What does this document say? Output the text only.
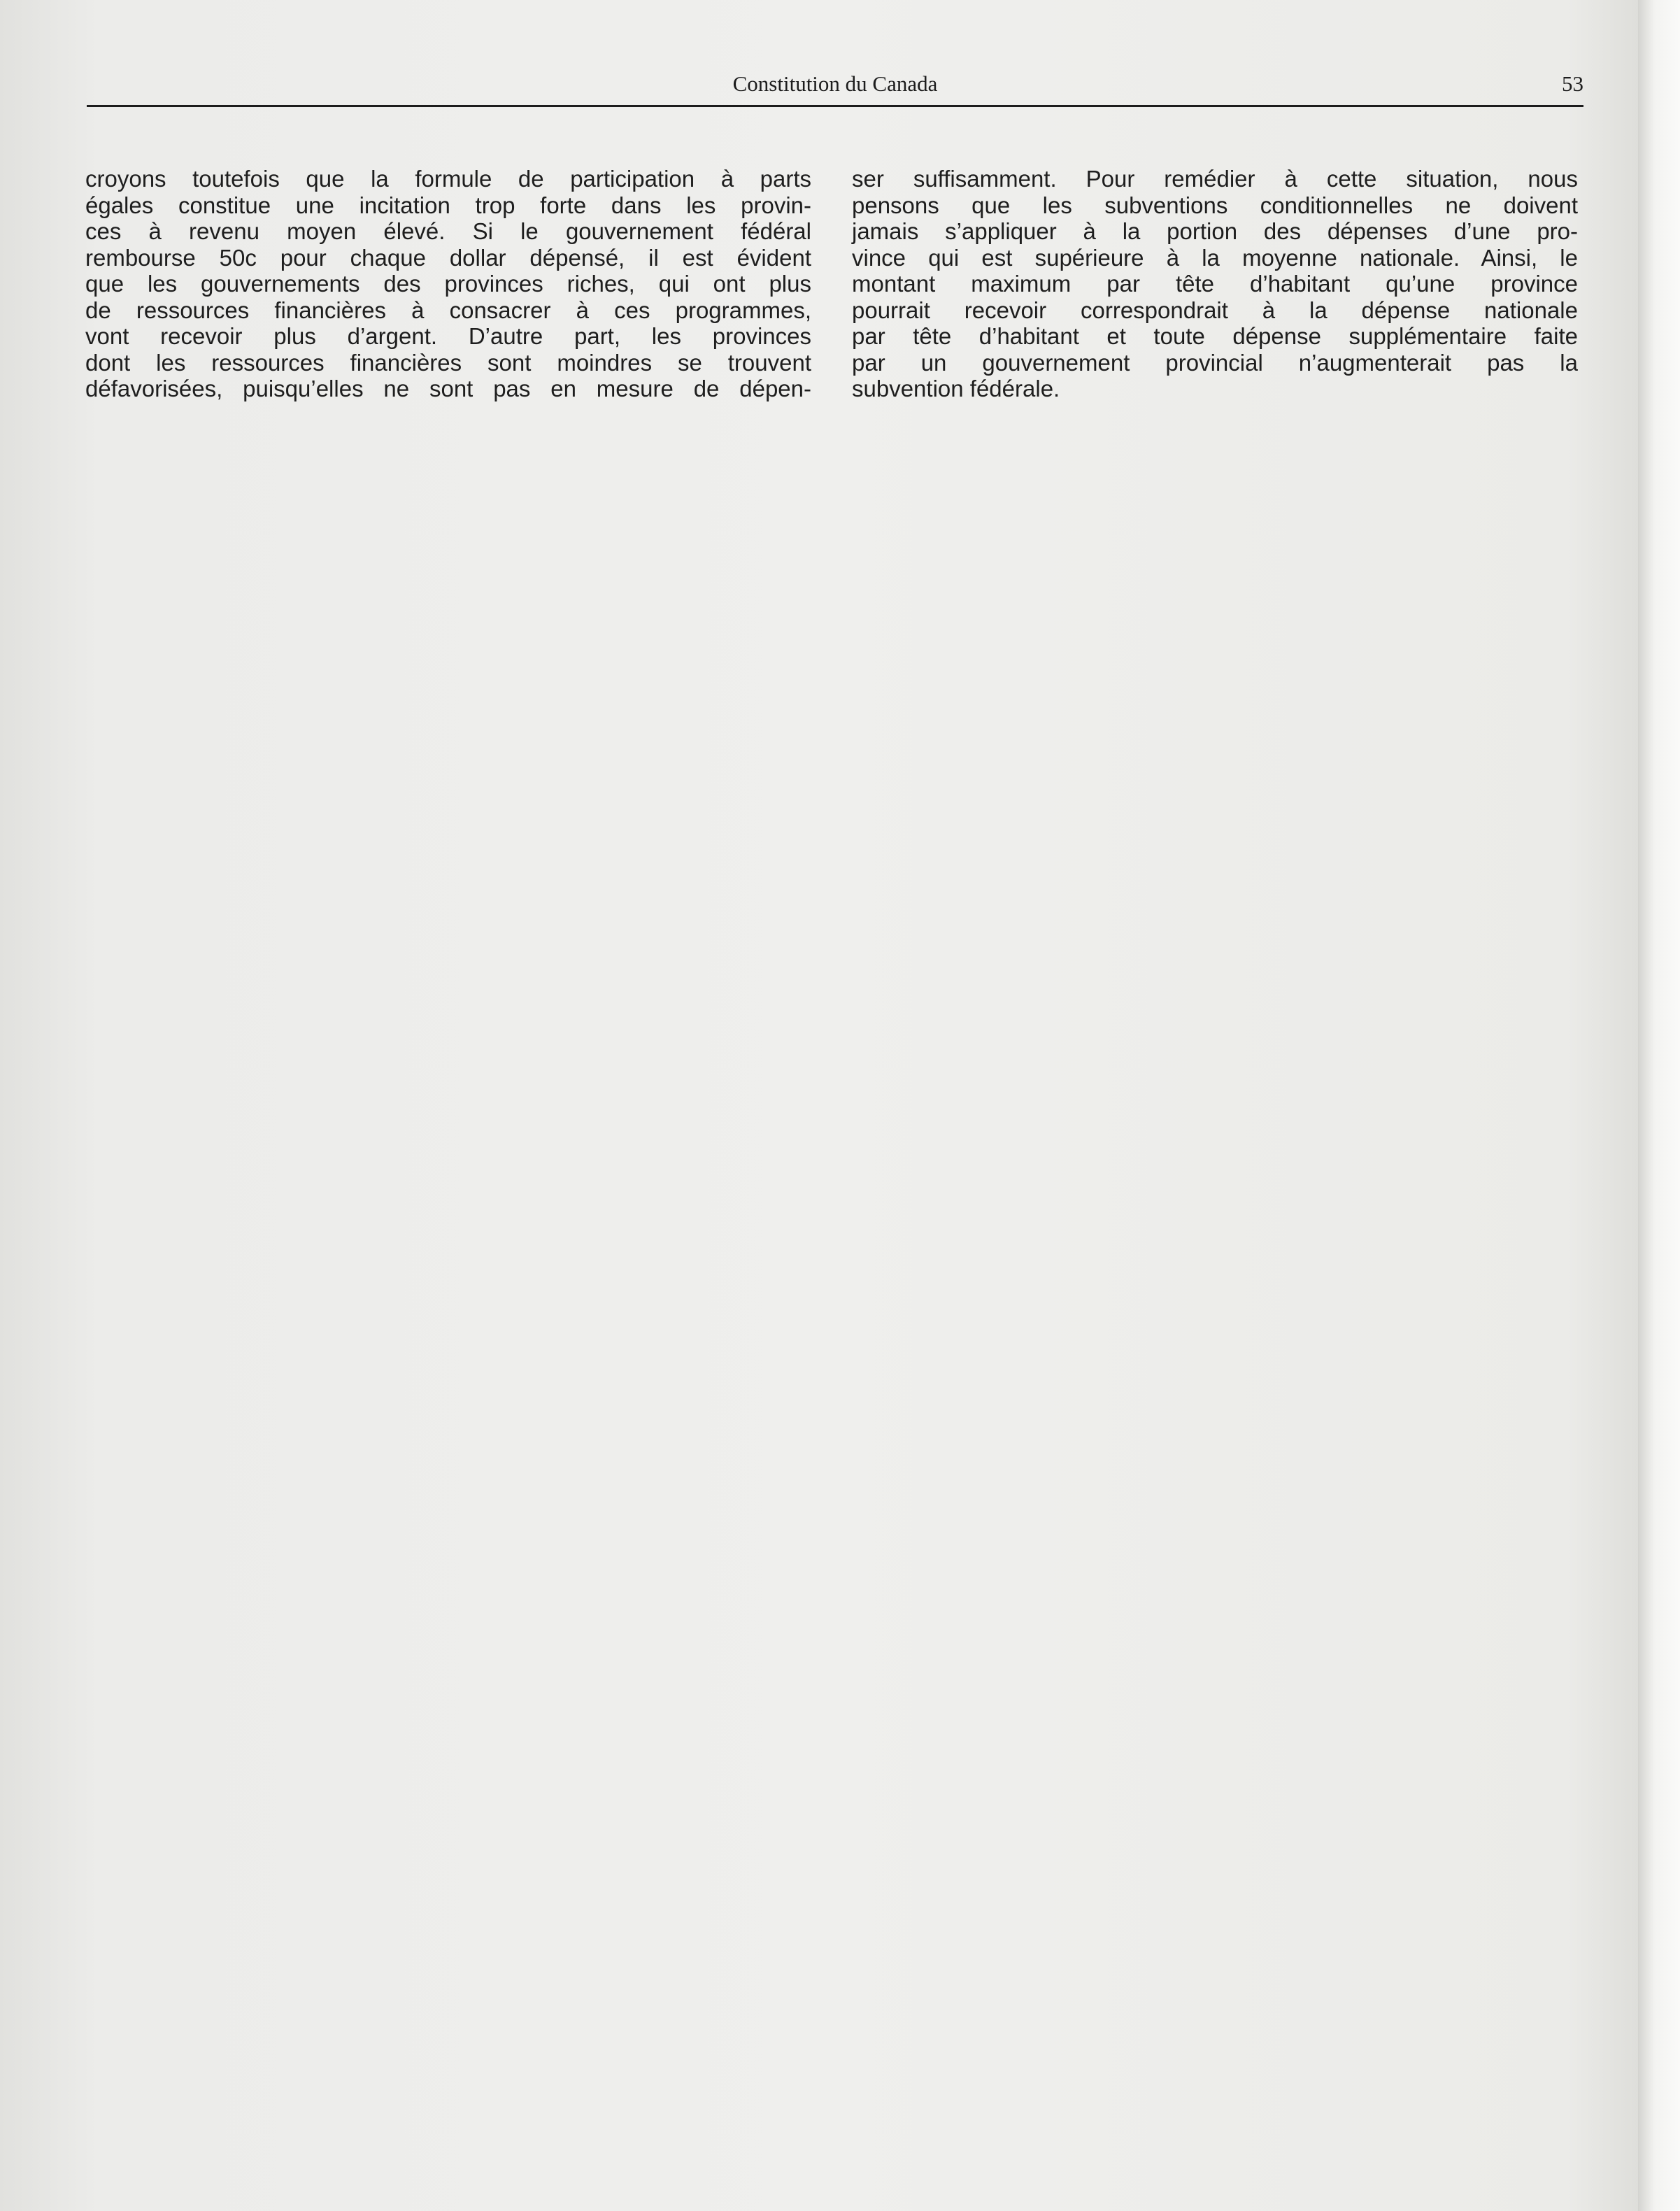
Constitution du Canada	53
croyons toutefois que la formule de participation à parts
égales constitue une incitation trop forte dans les provin-
ces à revenu moyen élevé. Si le gouvernement fédéral
rembourse 50c pour chaque dollar dépensé, il est évident
que les gouvernements des provinces riches, qui ont plus
de ressources financières à consacrer à ces programmes,
vont recevoir plus d’argent. D’autre part, les provinces
dont les ressources financières sont moindres se trouvent
défavorisées, puisqu’elles ne sont pas en mesure de dépen-
ser suffisamment. Pour remédier à cette situation, nous
pensons que les subventions conditionnelles ne doivent
jamais s’appliquer à la portion des dépenses d’une pro-
vince qui est supérieure à la moyenne nationale. Ainsi, le
montant maximum par tête d’habitant qu’une province
pourrait recevoir correspondrait à la dépense nationale
par tête d’habitant et toute dépense supplémentaire faite
par un gouvernement provincial n’augmenterait pas la
subvention fédérale.
